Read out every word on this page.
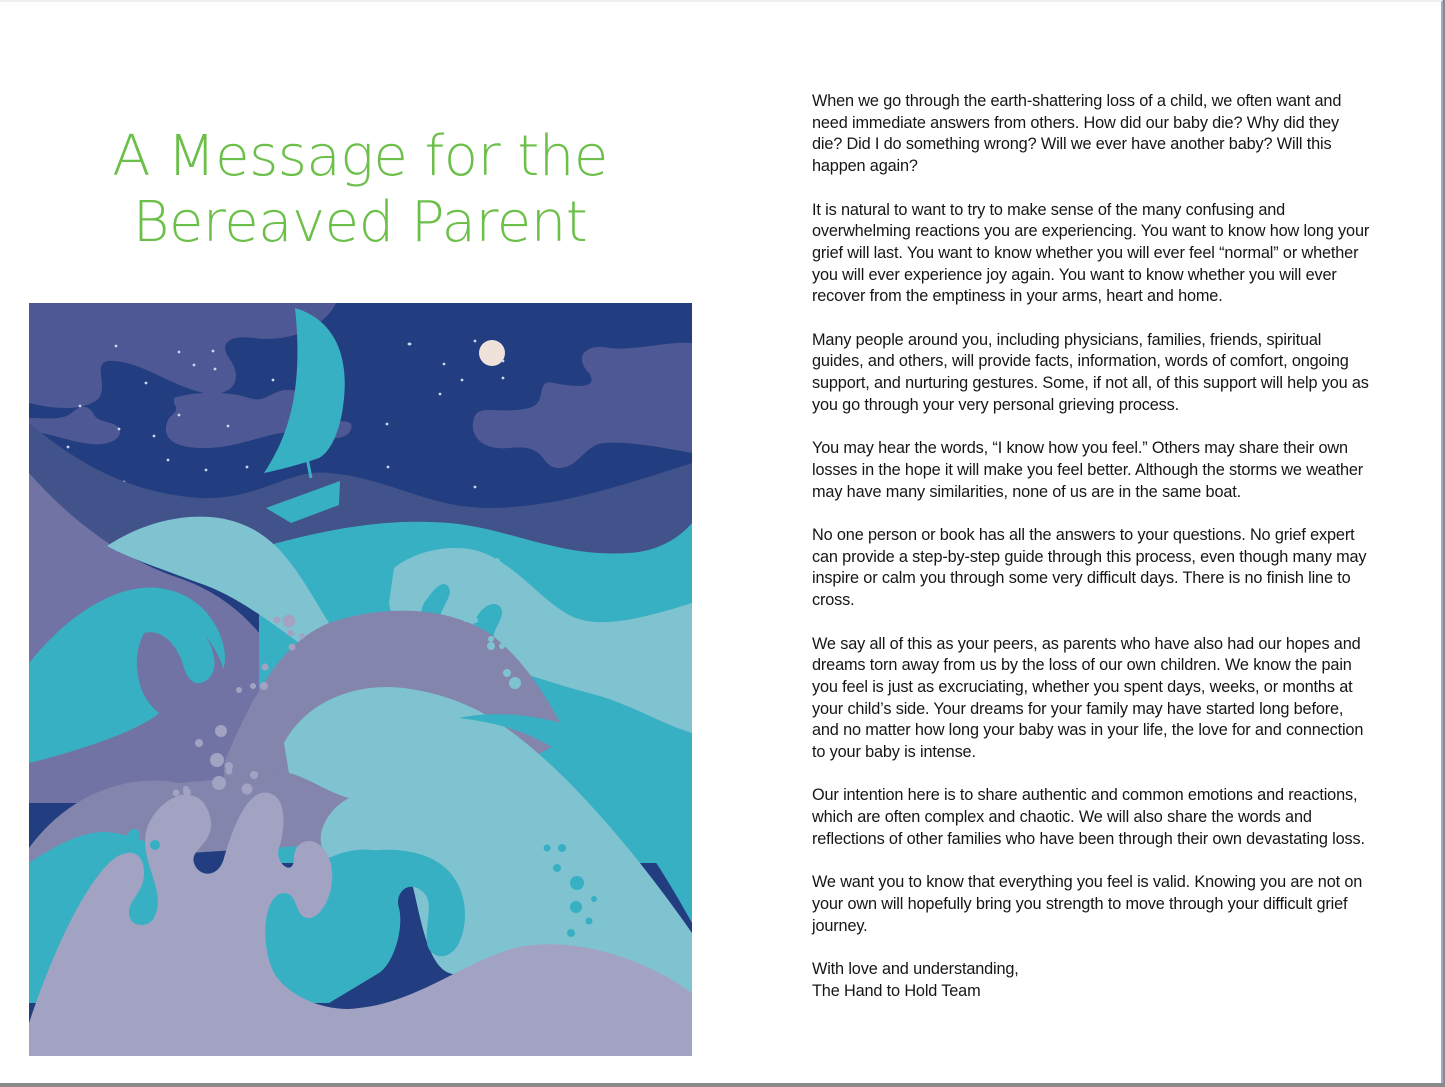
A Message for the
Bereaved Parent

When we go through the earth-shattering loss of a child, we often want and need immediate answers from others. How did our baby die? Why did they die? Did I do something wrong? Will we ever have another baby? Will this happen again?

It is natural to want to try to make sense of the many confusing and overwhelming reactions you are experiencing. You want to know how long your grief will last. You want to know whether you will ever feel “normal” or whether you will ever experience joy again. You want to know whether you will ever recover from the emptiness in your arms, heart and home.

Many people around you, including physicians, families, friends, spiritual guides, and others, will provide facts, information, words of comfort, ongoing support, and nurturing gestures. Some, if not all, of this support will help you as you go through your very personal grieving process.

You may hear the words, “I know how you feel.” Others may share their own losses in the hope it will make you feel better. Although the storms we weather may have many similarities, none of us are in the same boat.

No one person or book has all the answers to your questions. No grief expert can provide a step-by-step guide through this process, even though many may inspire or calm you through some very difficult days. There is no finish line to cross.

We say all of this as your peers, as parents who have also had our hopes and dreams torn away from us by the loss of our own children. We know the pain you feel is just as excruciating, whether you spent days, weeks, or months at your child’s side. Your dreams for your family may have started long before, and no matter how long your baby was in your life, the love for and connection to your baby is intense.

Our intention here is to share authentic and common emotions and reactions, which are often complex and chaotic. We will also share the words and reflections of other families who have been through their own devastating loss.

We want you to know that everything you feel is valid. Knowing you are not on your own will hopefully bring you strength to move through your difficult grief journey.

With love and understanding,
The Hand to Hold Team
